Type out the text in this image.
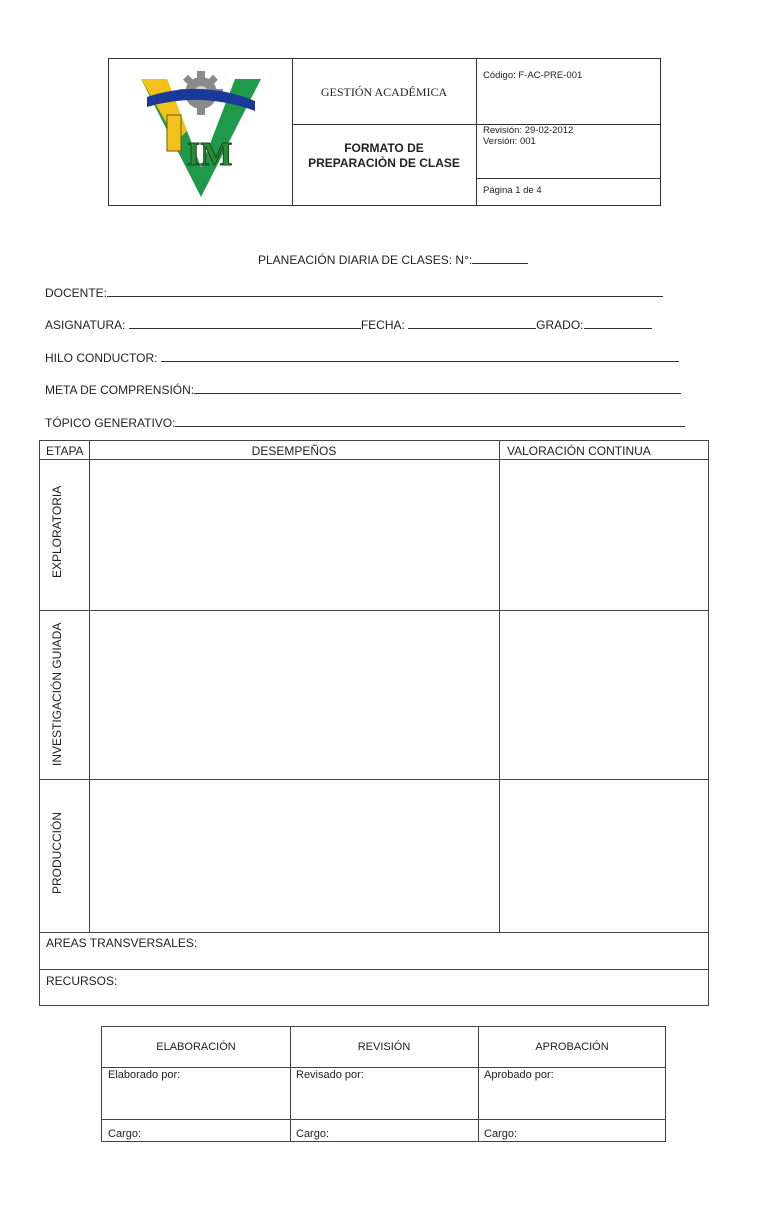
IM
GESTIÓN ACADÉMICA
Código: F-AC-PRE-001
FORMATO DE
PREPARACIÒN DE CLASE
Revisión: 29-02-2012
Versión: 001
Página 1 de 4
PLANEACIÓN DIARIA DE CLASES: N°:
DOCENTE:
ASIGNATURA:	FECHA:	GRADO:
HILO CONDUCTOR:
META DE COMPRENSIÓN:
TÓPICO GENERATIVO:
ETAPA	DESEMPEÑOS	VALORACIÓN CONTINUA
EXPLORATORIA
INVESTIGACIÓN GUIADA
PRODUCCIÓN
AREAS TRANSVERSALES:
RECURSOS:
ELABORACIÓN	REVISIÓN	APROBACIÓN
Elaborado por:	Revisado por:	Aprobado por:
Cargo:	Cargo:	Cargo:
